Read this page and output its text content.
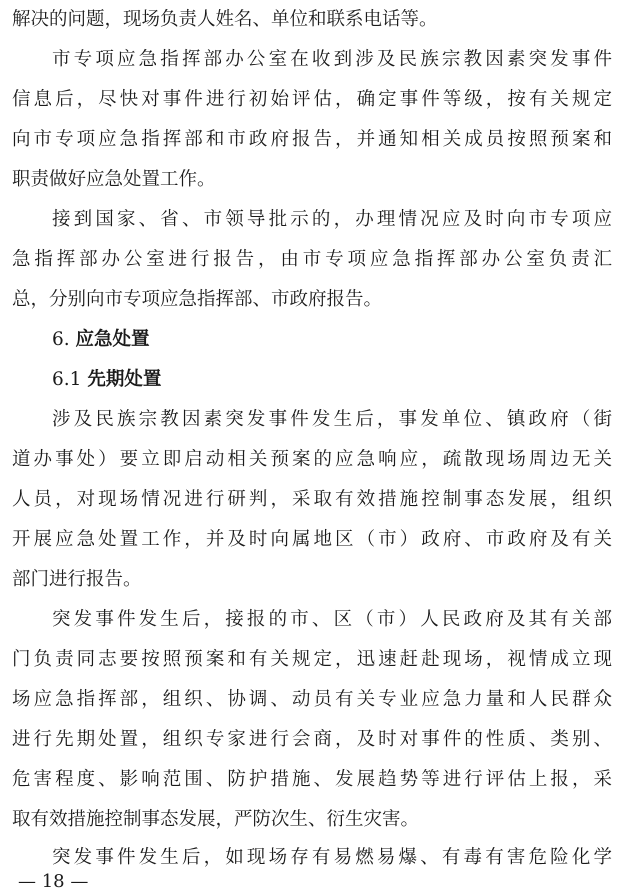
解决的问题，现场负责人姓名、单位和联系电话等。
市专项应急指挥部办公室在收到涉及民族宗教因素突发事件
信息后，尽快对事件进行初始评估，确定事件等级，按有关规定
向市专项应急指挥部和市政府报告，并通知相关成员按照预案和
职责做好应急处置工作。
接到国家、省、市领导批示的，办理情况应及时向市专项应
急指挥部办公室进行报告，由市专项应急指挥部办公室负责汇
总，分别向市专项应急指挥部、市政府报告。
6. 应急处置
6.1 先期处置
涉及民族宗教因素突发事件发生后，事发单位、镇政府（街
道办事处）要立即启动相关预案的应急响应，疏散现场周边无关
人员，对现场情况进行研判，采取有效措施控制事态发展，组织
开展应急处置工作，并及时向属地区（市）政府、市政府及有关
部门进行报告。
突发事件发生后，接报的市、区（市）人民政府及其有关部
门负责同志要按照预案和有关规定，迅速赶赴现场，视情成立现
场应急指挥部，组织、协调、动员有关专业应急力量和人民群众
进行先期处置，组织专家进行会商，及时对事件的性质、类别、
危害程度、影响范围、防护措施、发展趋势等进行评估上报，采
取有效措施控制事态发展，严防次生、衍生灾害。
突发事件发生后，如现场存有易燃易爆、有毒有害危险化学
— 18 —
